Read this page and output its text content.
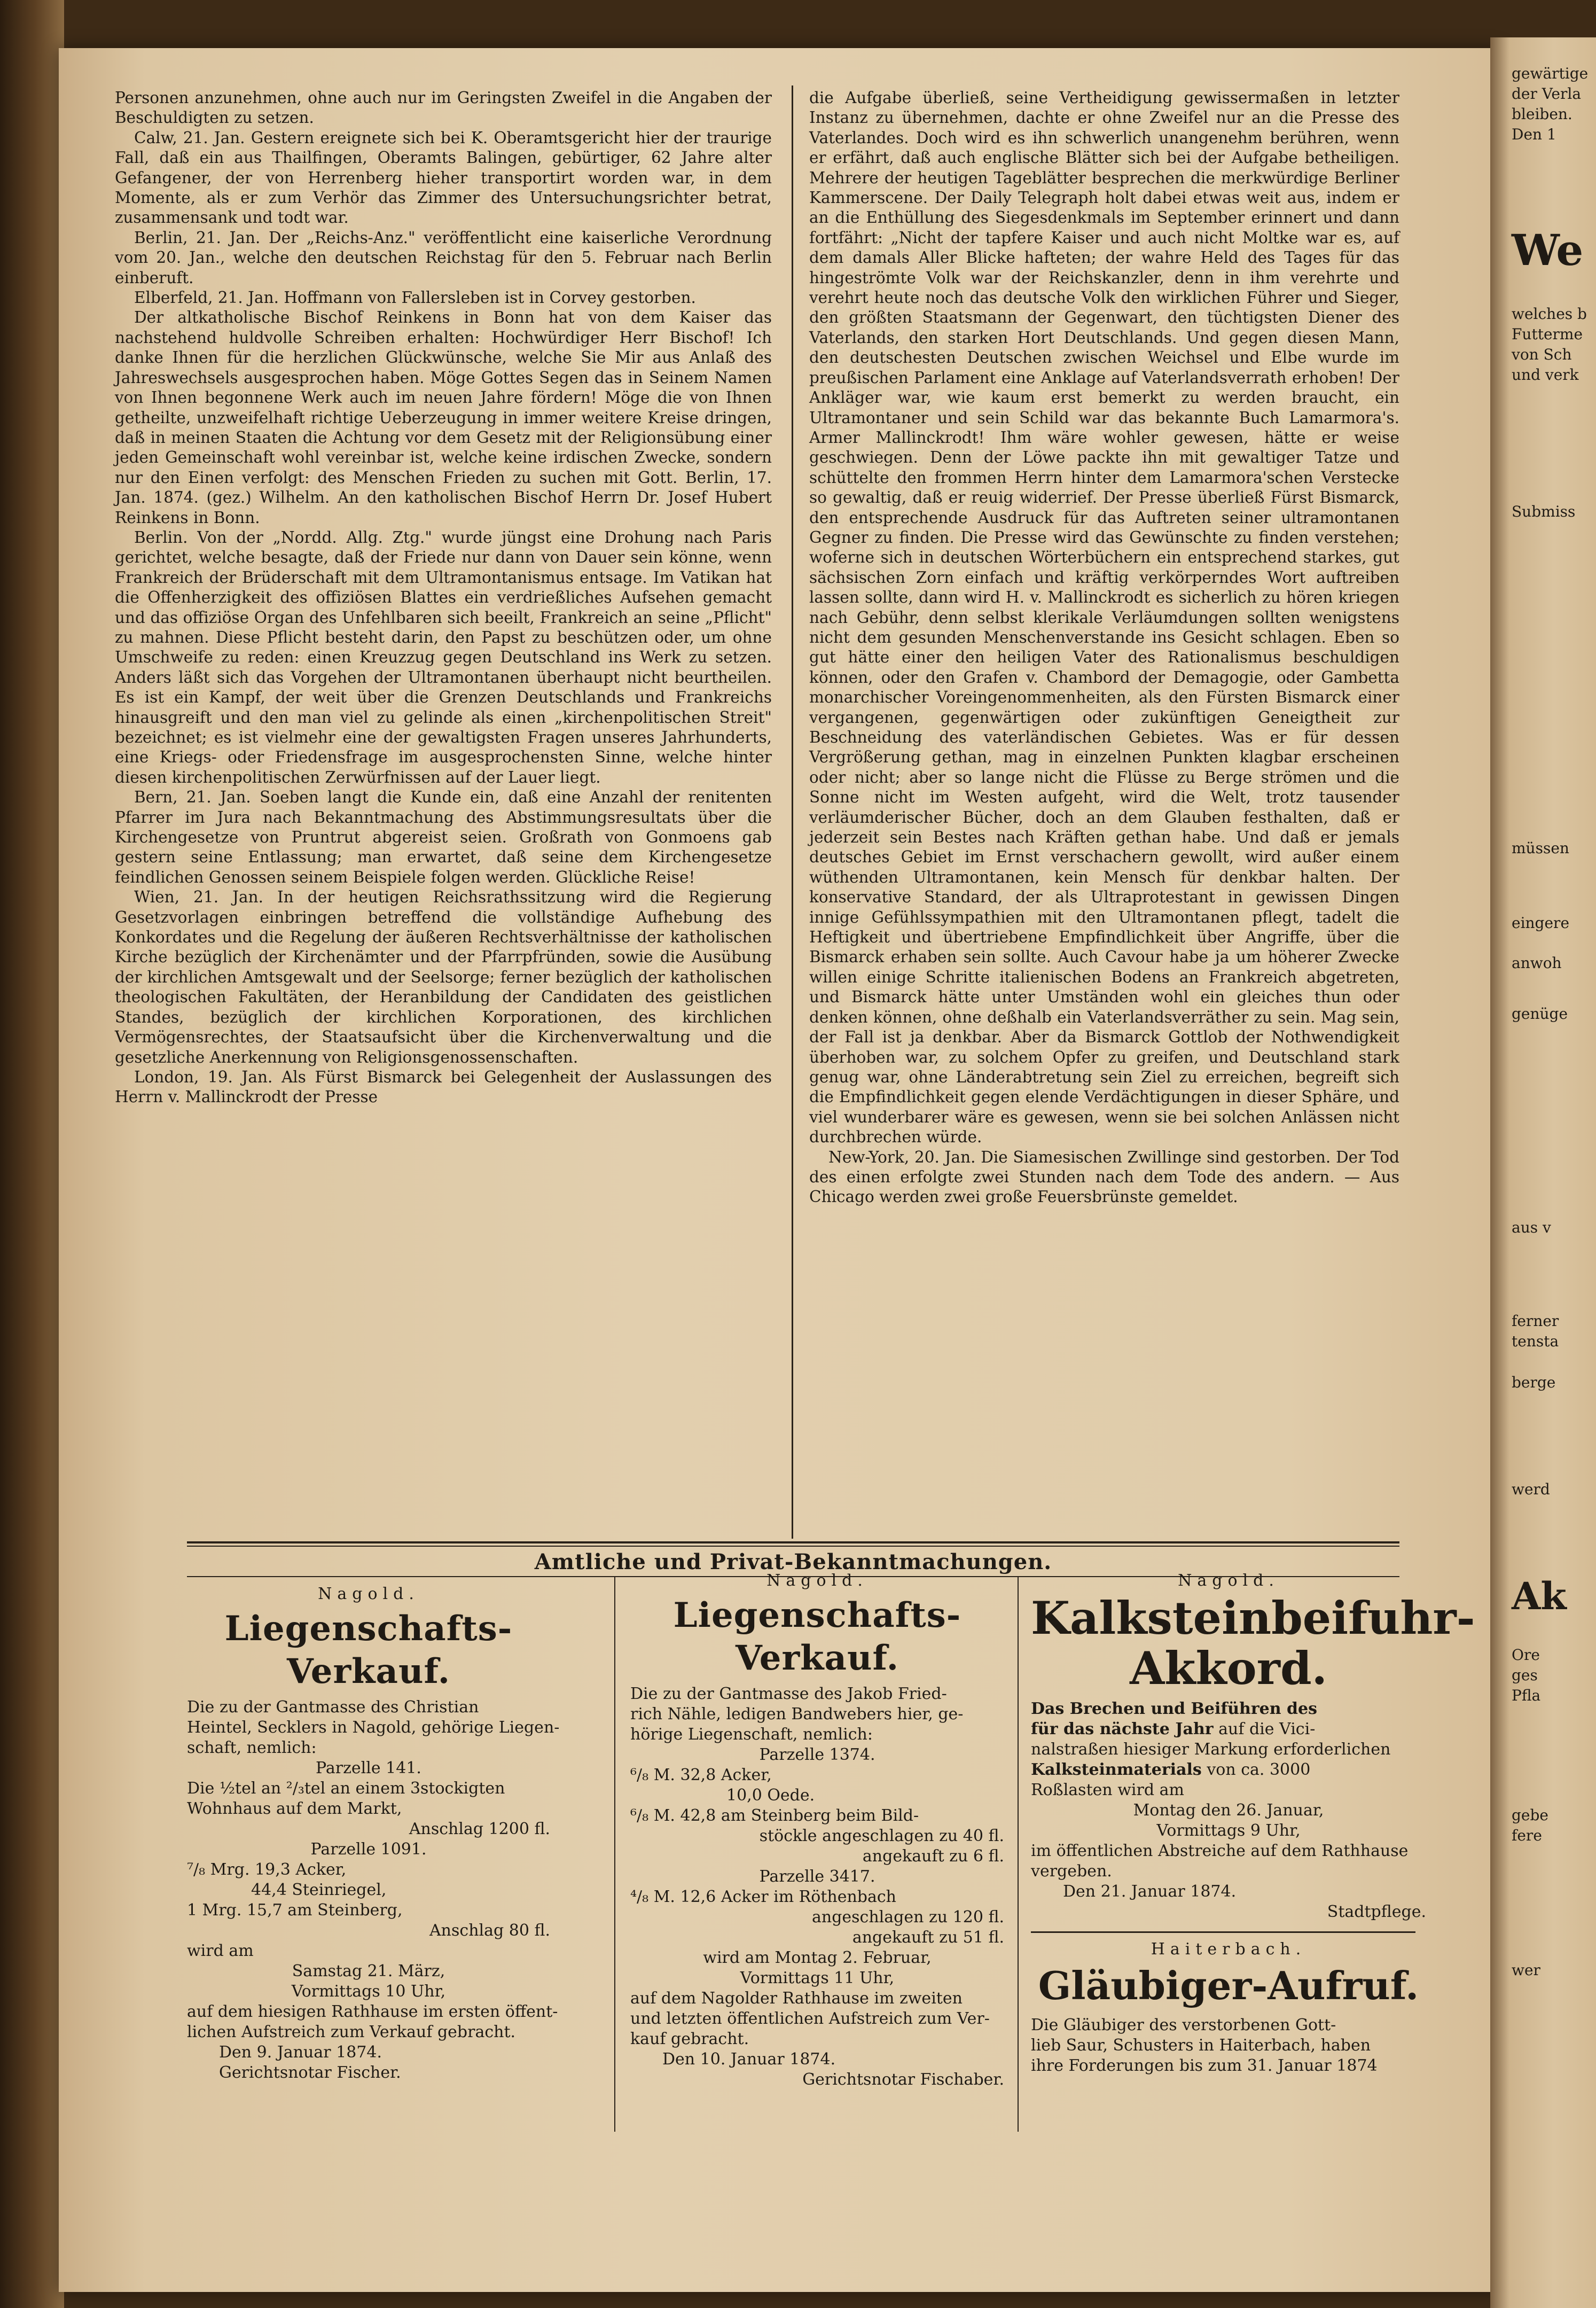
gewärtige
der Verla
bleiben.
Den 1
We
welches b
Futterme
von Sch
und verk
Submiss
müssen
eingere
anwoh
genüge
aus v
ferner
tensta
berge
werd
Ak
Ore
ges
Pfla
gebe
fere
wer

Personen anzunehmen, ohne auch nur im Geringsten Zweifel in die Angaben der Beschuldigten zu setzen.

Calw, 21. Jan. Gestern ereignete sich bei K. Oberamtsgericht hier der traurige Fall, daß ein aus Thailfingen, Oberamts Balingen, gebürtiger, 62 Jahre alter Gefangener, der von Herrenberg hieher transportirt worden war, in dem Momente, als er zum Verhör das Zimmer des Untersuchungsrichter betrat, zusammensank und todt war.

Berlin, 21. Jan. Der „Reichs-Anz." veröffentlicht eine kaiserliche Verordnung vom 20. Jan., welche den deutschen Reichstag für den 5. Februar nach Berlin einberuft.

Elberfeld, 21. Jan. Hoffmann von Fallersleben ist in Corvey gestorben.

Der altkatholische Bischof Reinkens in Bonn hat von dem Kaiser das nachstehend huldvolle Schreiben erhalten: Hochwürdiger Herr Bischof! Ich danke Ihnen für die herzlichen Glückwünsche, welche Sie Mir aus Anlaß des Jahreswechsels ausgesprochen haben. Möge Gottes Segen das in Seinem Namen von Ihnen begonnene Werk auch im neuen Jahre fördern! Möge die von Ihnen getheilte, unzweifelhaft richtige Ueberzeugung in immer weitere Kreise dringen, daß in meinen Staaten die Achtung vor dem Gesetz mit der Religionsübung einer jeden Gemeinschaft wohl vereinbar ist, welche keine irdischen Zwecke, sondern nur den Einen verfolgt: des Menschen Frieden zu suchen mit Gott. Berlin, 17. Jan. 1874. (gez.) Wilhelm. An den katholischen Bischof Herrn Dr. Josef Hubert Reinkens in Bonn.

Berlin. Von der „Nordd. Allg. Ztg." wurde jüngst eine Drohung nach Paris gerichtet, welche besagte, daß der Friede nur dann von Dauer sein könne, wenn Frankreich der Brüderschaft mit dem Ultramontanismus entsage. Im Vatikan hat die Offenherzigkeit des offiziösen Blattes ein verdrießliches Aufsehen gemacht und das offiziöse Organ des Unfehlbaren sich beeilt, Frankreich an seine „Pflicht" zu mahnen. Diese Pflicht besteht darin, den Papst zu beschützen oder, um ohne Umschweife zu reden: einen Kreuzzug gegen Deutschland ins Werk zu setzen. Anders läßt sich das Vorgehen der Ultramontanen überhaupt nicht beurtheilen. Es ist ein Kampf, der weit über die Grenzen Deutschlands und Frankreichs hinausgreift und den man viel zu gelinde als einen „kirchenpolitischen Streit" bezeichnet; es ist vielmehr eine der gewaltigsten Fragen unseres Jahrhunderts, eine Kriegs- oder Friedensfrage im ausgesprochensten Sinne, welche hinter diesen kirchenpolitischen Zerwürfnissen auf der Lauer liegt.

Bern, 21. Jan. Soeben langt die Kunde ein, daß eine Anzahl der renitenten Pfarrer im Jura nach Bekanntmachung des Abstimmungsresultats über die Kirchengesetze von Pruntrut abgereist seien. Großrath von Gonmoens gab gestern seine Entlassung; man erwartet, daß seine dem Kirchengesetze feindlichen Genossen seinem Beispiele folgen werden. Glückliche Reise!

Wien, 21. Jan. In der heutigen Reichsrathssitzung wird die Regierung Gesetzvorlagen einbringen betreffend die vollständige Aufhebung des Konkordates und die Regelung der äußeren Rechtsverhältnisse der katholischen Kirche bezüglich der Kirchenämter und der Pfarrpfründen, sowie die Ausübung der kirchlichen Amtsgewalt und der Seelsorge; ferner bezüglich der katholischen theologischen Fakultäten, der Heranbildung der Candidaten des geistlichen Standes, bezüglich der kirchlichen Korporationen, des kirchlichen Vermögensrechtes, der Staatsaufsicht über die Kirchenverwaltung und die gesetzliche Anerkennung von Religionsgenossenschaften.

London, 19. Jan. Als Fürst Bismarck bei Gelegenheit der Auslassungen des Herrn v. Mallinckrodt der Presse

die Aufgabe überließ, seine Vertheidigung gewissermaßen in letzter Instanz zu übernehmen, dachte er ohne Zweifel nur an die Presse des Vaterlandes. Doch wird es ihn schwerlich unangenehm berühren, wenn er erfährt, daß auch englische Blätter sich bei der Aufgabe betheiligen. Mehrere der heutigen Tageblätter besprechen die merkwürdige Berliner Kammerscene. Der Daily Telegraph holt dabei etwas weit aus, indem er an die Enthüllung des Siegesdenkmals im September erinnert und dann fortfährt: „Nicht der tapfere Kaiser und auch nicht Moltke war es, auf dem damals Aller Blicke hafteten; der wahre Held des Tages für das hingeströmte Volk war der Reichskanzler, denn in ihm verehrte und verehrt heute noch das deutsche Volk den wirklichen Führer und Sieger, den größten Staatsmann der Gegenwart, den tüchtigsten Diener des Vaterlands, den starken Hort Deutschlands. Und gegen diesen Mann, den deutschesten Deutschen zwischen Weichsel und Elbe wurde im preußischen Parlament eine Anklage auf Vaterlandsverrath erhoben! Der Ankläger war, wie kaum erst bemerkt zu werden braucht, ein Ultramontaner und sein Schild war das bekannte Buch Lamarmora's. Armer Mallinckrodt! Ihm wäre wohler gewesen, hätte er weise geschwiegen. Denn der Löwe packte ihn mit gewaltiger Tatze und schüttelte den frommen Herrn hinter dem Lamarmora'schen Verstecke so gewaltig, daß er reuig widerrief. Der Presse überließ Fürst Bismarck, den entsprechende Ausdruck für das Auftreten seiner ultramontanen Gegner zu finden. Die Presse wird das Gewünschte zu finden verstehen; woferne sich in deutschen Wörterbüchern ein entsprechend starkes, gut sächsischen Zorn einfach und kräftig verkörperndes Wort auftreiben lassen sollte, dann wird H. v. Mallinckrodt es sicherlich zu hören kriegen nach Gebühr, denn selbst klerikale Verläumdungen sollten wenigstens nicht dem gesunden Menschenverstande ins Gesicht schlagen. Eben so gut hätte einer den heiligen Vater des Rationalismus beschuldigen können, oder den Grafen v. Chambord der Demagogie, oder Gambetta monarchischer Voreingenommenheiten, als den Fürsten Bismarck einer vergangenen, gegenwärtigen oder zukünftigen Geneigtheit zur Beschneidung des vaterländischen Gebietes. Was er für dessen Vergrößerung gethan, mag in einzelnen Punkten klagbar erscheinen oder nicht; aber so lange nicht die Flüsse zu Berge strömen und die Sonne nicht im Westen aufgeht, wird die Welt, trotz tausender verläumderischer Bücher, doch an dem Glauben festhalten, daß er jederzeit sein Bestes nach Kräften gethan habe. Und daß er jemals deutsches Gebiet im Ernst verschachern gewollt, wird außer einem wüthenden Ultramontanen, kein Mensch für denkbar halten. Der konservative Standard, der als Ultraprotestant in gewissen Dingen innige Gefühlssympathien mit den Ultramontanen pflegt, tadelt die Heftigkeit und übertriebene Empfindlichkeit über Angriffe, über die Bismarck erhaben sein sollte. Auch Cavour habe ja um höherer Zwecke willen einige Schritte italienischen Bodens an Frankreich abgetreten, und Bismarck hätte unter Umständen wohl ein gleiches thun oder denken können, ohne deßhalb ein Vaterlandsverräther zu sein. Mag sein, der Fall ist ja denkbar. Aber da Bismarck Gottlob der Nothwendigkeit überhoben war, zu solchem Opfer zu greifen, und Deutschland stark genug war, ohne Länderabtretung sein Ziel zu erreichen, begreift sich die Empfindlichkeit gegen elende Verdächtigungen in dieser Sphäre, und viel wunderbarer wäre es gewesen, wenn sie bei solchen Anlässen nicht durchbrechen würde.

New-York, 20. Jan. Die Siamesischen Zwillinge sind gestorben. Der Tod des einen erfolgte zwei Stunden nach dem Tode des andern. — Aus Chicago werden zwei große Feuersbrünste gemeldet.

Amtliche und Privat-Bekanntmachungen.
Nagold.
Liegenschafts-Verkauf.
Die zu der Gantmasse des Christian
Heintel, Secklers in Nagold, gehörige Liegen-
schaft, nemlich:
Parzelle 141.
Die ½tel an ²/₃tel an einem 3stockigten
Wohnhaus auf dem Markt,
Anschlag 1200 fl.
Parzelle 1091.
⁷/₈ Mrg. 19,3 Acker,
44,4 Steinriegel,
1 Mrg. 15,7 am Steinberg,
Anschlag 80 fl.
wird am
Samstag 21. März,
Vormittags 10 Uhr,
auf dem hiesigen Rathhause im ersten öffent-
lichen Aufstreich zum Verkauf gebracht.
Den 9. Januar 1874.
Gerichtsnotar Fischer.
Nagold.
Liegenschafts-Verkauf.
Die zu der Gantmasse des Jakob Fried-
rich Nähle, ledigen Bandwebers hier, ge-
hörige Liegenschaft, nemlich:
Parzelle 1374.
⁶/₈ M. 32,8 Acker,
10,0 Oede.
⁶/₈ M. 42,8 am Steinberg beim Bild-
stöckle angeschlagen zu 40 fl.
angekauft zu 6 fl.
Parzelle 3417.
⁴/₈ M. 12,6 Acker im Röthenbach
angeschlagen zu 120 fl.
angekauft zu 51 fl.
wird am Montag 2. Februar,
Vormittags 11 Uhr,
auf dem Nagolder Rathhause im zweiten
und letzten öffentlichen Aufstreich zum Ver-
kauf gebracht.
Den 10. Januar 1874.
Gerichtsnotar Fischaber.
Nagold.
Kalksteinbeifuhr-Akkord.
Das Brechen und Beiführen des
für das nächste Jahr auf die Vici-
nalstraßen hiesiger Markung erforderlichen
Kalksteinmaterials von ca. 3000
Roßlasten wird am
Montag den 26. Januar,
Vormittags 9 Uhr,
im öffentlichen Abstreiche auf dem Rathhause
vergeben.
Den 21. Januar 1874.
Stadtpflege.
Haiterbach.
Gläubiger-Aufruf.
Die Gläubiger des verstorbenen Gott-
lieb Saur, Schusters in Haiterbach, haben
ihre Forderungen bis zum 31. Januar 1874
